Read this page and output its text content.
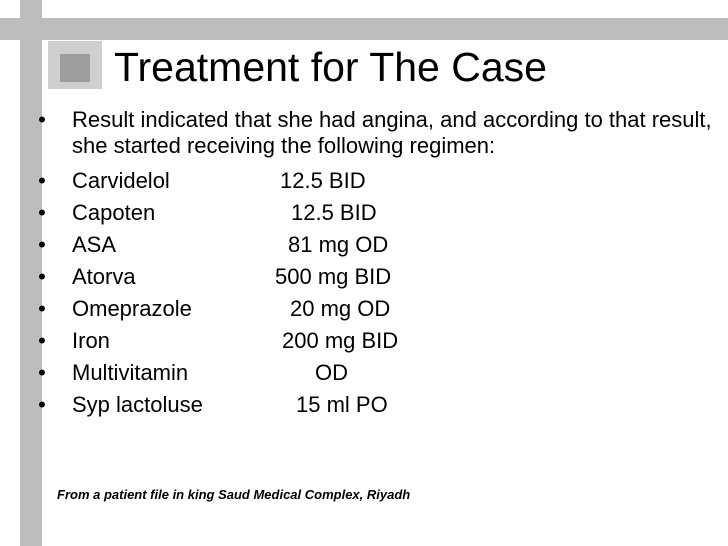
Treatment for The Case
• Result indicated that she had angina, and according to that result, she started receiving the following regimen:
• Carvidelol	12.5 BID
• Capoten	12.5 BID
• ASA	81 mg OD
• Atorva	500 mg BID
• Omeprazole	20 mg OD
• Iron	200 mg BID
• Multivitamin	OD
• Syp lactoluse	15 ml PO
From a patient file in king Saud Medical Complex, Riyadh
